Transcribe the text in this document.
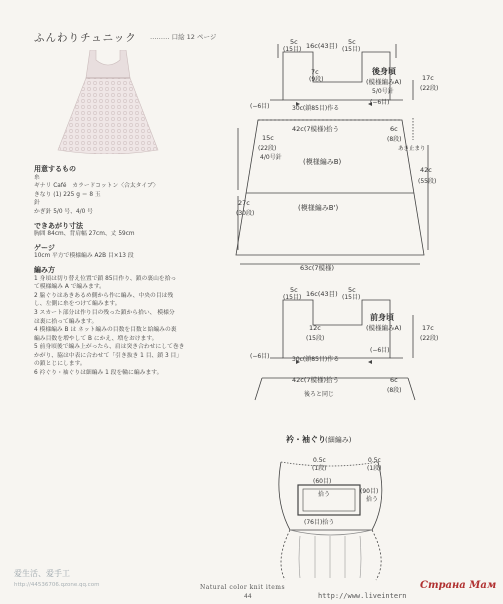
ふんわりチュニック ……… 口絵 12 ページ
用意するもの
糸
ギナリ Café　カラードコットン〈合太タイプ〉
きなり (1) 225 g ＝ 8 玉
針
かぎ針 5/0 号、4/0 号
できあがり寸法
胸囲 84cm、背肩幅 27cm、丈 59cm
ゲージ
10cm 平方で模様編み A2B 目×13 段
編み方
1 身頃は切り替え位置で鎖 85目作り、鎖の裏山を拾っ
て模様編み A で編みます。
2 脇ぐりはあきあるめ側から作に編み、中央の目は残
し、左側に糸をつけて編みます。
3 スカート部分は作り目の残った鎖から拾い、 模様分
は裏に拾って編みます。
4 模様編み B は ネット編みの目数を目数と給編みの裏
編み目数を増やして B にかえ、増をおけます。
5 前身頃後で編み上がったら、肩は突き合わせにして巻き
かがり、脇は中表に合わせて「引き抜き 1 目、鎖 3 目」
の鎖とじにします。
6 衿ぐり・袖ぐりは細編み 1 段を輪に編みます。
5c
(15目) 16c(43目) 5c
(15目)
7c
(9段)
後身頃
(模様編みA)
5/0号針
17c
(22段)
(−6目)
(−6目)
30c(鎖85目)作る
42c(7模様)拾う
15c
(22段)
4/0号針
6c
(8段)
あき止まり
(模様編みB)
27c
(30段)
(模様編みB')
42c
(55段)
63c(7模様)
5c
(15目) 16c(43目) 5c
(15目)
12c
(15段)
前身頃
(模様編みA)	17c
(22段)
(−6目)
(−6目)
30c(鎖85目)作る
42c(7模様)拾う	6c
(8段)
後ろと同じ
衿・袖ぐり (細編み)
0.5c
(1段)
0.5c
(1段)
(60目)
拾う	(90目)
拾う
(76目)拾う
Natural color knit items
44
爱生活、爱手工
http://44536706.qzone.qq.com
http://www.liveintern
Страна Мам
